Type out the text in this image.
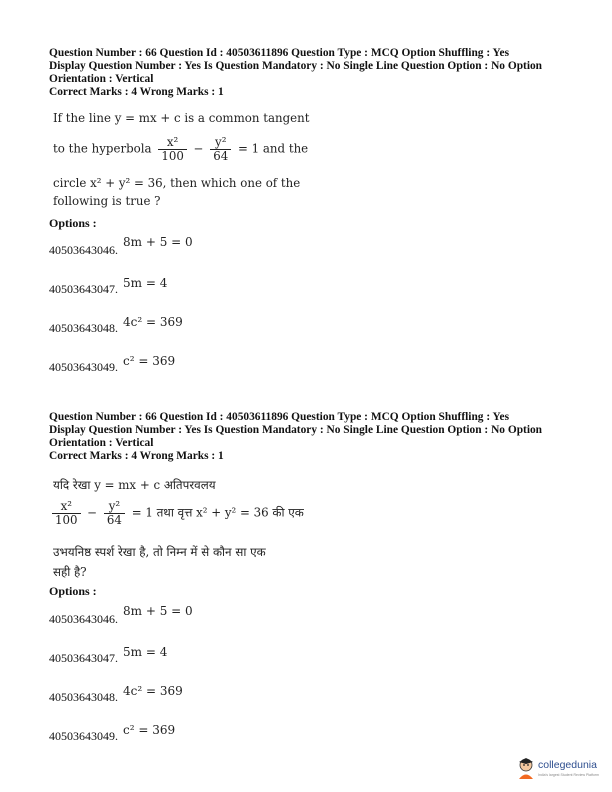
Question Number : 66 Question Id : 40503611896 Question Type : MCQ Option Shuffling : Yes
Display Question Number : Yes Is Question Mandatory : No Single Line Question Option : No Option
Orientation : Vertical
Correct Marks : 4 Wrong Marks : 1
If the line y = mx + c is a common tangent
to the hyperbola $\frac{\text{x²}}{100} - \frac{\text{y²}}{64} = 1$ and the
circle x² + y² = 36, then which one of the
following is true ?
Options :
40503643046.
8m + 5 = 0
40503643047. 5m = 4
40503643048. 4c² = 369
40503643049. c² = 369
Question Number : 66 Question Id : 40503611896 Question Type : MCQ Option Shuffling : Yes
Display Question Number : Yes Is Question Mandatory : No Single Line Question Option : No Option
Orientation : Vertical
Correct Marks : 4 Wrong Marks : 1
यदि रेखा y = mx + c अतिपरवलय
$\frac{\text{x²}}{100} - \frac{\text{y²}}{64} = 1$ तथा वृत्त x² + y² = 36 की एक
उभयनिष्ठ स्पर्श रेखा है, तो निम्न में से कौन सा एक
सही है?
Options :
40503643046.
8m + 5 = 0
40503643047. 5m = 4
40503643048. 4c² = 369
40503643049. c² = 369
collegedunia
India's largest Student Review Platform
